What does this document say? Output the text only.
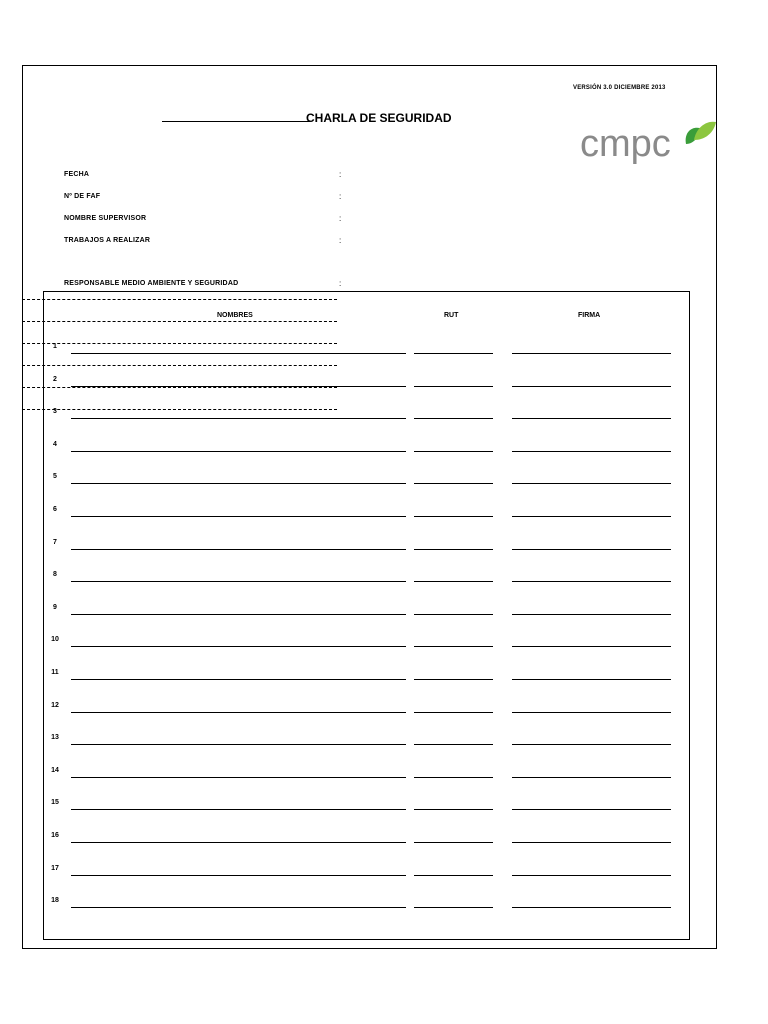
VERSIÓN 3.0 DICIEMBRE 2013
CHARLA DE SEGURIDAD
cmpc
FECHA	:
Nº DE FAF	:
NOMBRE SUPERVISOR	:
TRABAJOS A REALIZAR	:
RESPONSABLE MEDIO AMBIENTE Y SEGURIDAD	:
NOMBRES	RUT	FIRMA
1
2
3
4
5
6
7
8
9
10
11
12
13
14
15
16
17
18
